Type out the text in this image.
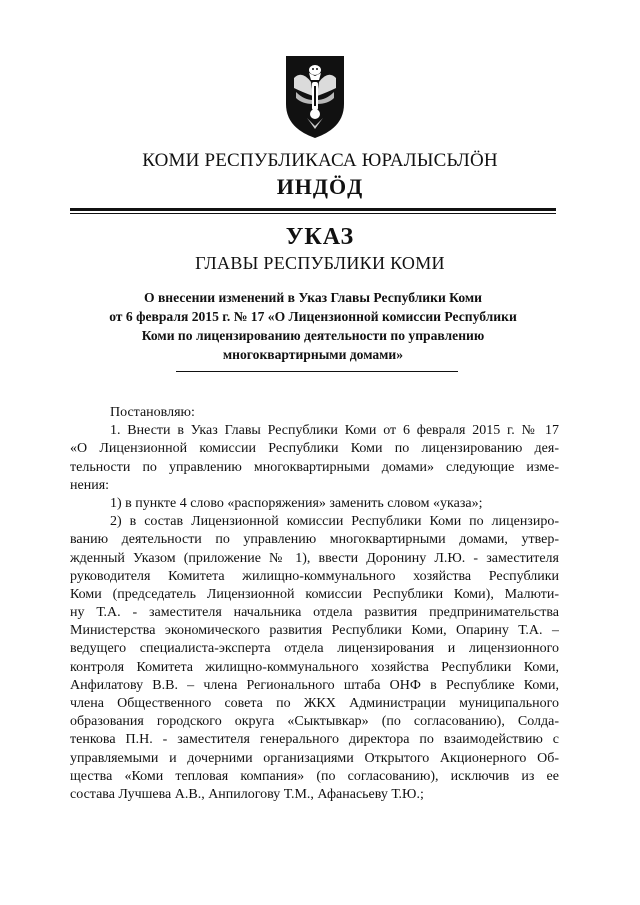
КОМИ РЕСПУБЛИКАСА ЮРАЛЫСЬЛÖН
ИНДÖД
УКАЗ
ГЛАВЫ РЕСПУБЛИКИ КОМИ
О внесении изменений в Указ Главы Республики Коми
от 6 февраля 2015 г. № 17 «О Лицензионной комиссии Республики
Коми по лицензированию деятельности по управлению
многоквартирными домами»
Постановляю:
1. Внести в Указ Главы Республики Коми от 6 февраля 2015 г. № 17
«О Лицензионной комиссии Республики Коми по лицензированию дея-
тельности по управлению многоквартирными домами» следующие изме-
нения:
1) в пункте 4 слово «распоряжения» заменить словом «указа»;
2) в состав Лицензионной комиссии Республики Коми по лицензиро-
ванию деятельности по управлению многоквартирными домами, утвер-
жденный Указом (приложение № 1), ввести Доронину Л.Ю. - заместителя
руководителя Комитета жилищно-коммунального хозяйства Республики
Коми (председатель Лицензионной комиссии Республики Коми), Малюти-
ну Т.А. - заместителя начальника отдела развития предпринимательства
Министерства экономического развития Республики Коми, Опарину Т.А. –
ведущего специалиста-эксперта отдела лицензирования и лицензионного
контроля Комитета жилищно-коммунального хозяйства Республики Коми,
Анфилатову В.В. – члена Регионального штаба ОНФ в Республике Коми,
члена Общественного совета по ЖКХ Администрации муниципального
образования городского округа «Сыктывкар» (по согласованию), Солда-
тенкова П.Н. - заместителя генерального директора по взаимодействию с
управляемыми и дочерними организациями Открытого Акционерного Об-
щества «Коми тепловая компания» (по согласованию), исключив из ее
состава Лучшева А.В., Анпилогову Т.М., Афанасьеву Т.Ю.;
